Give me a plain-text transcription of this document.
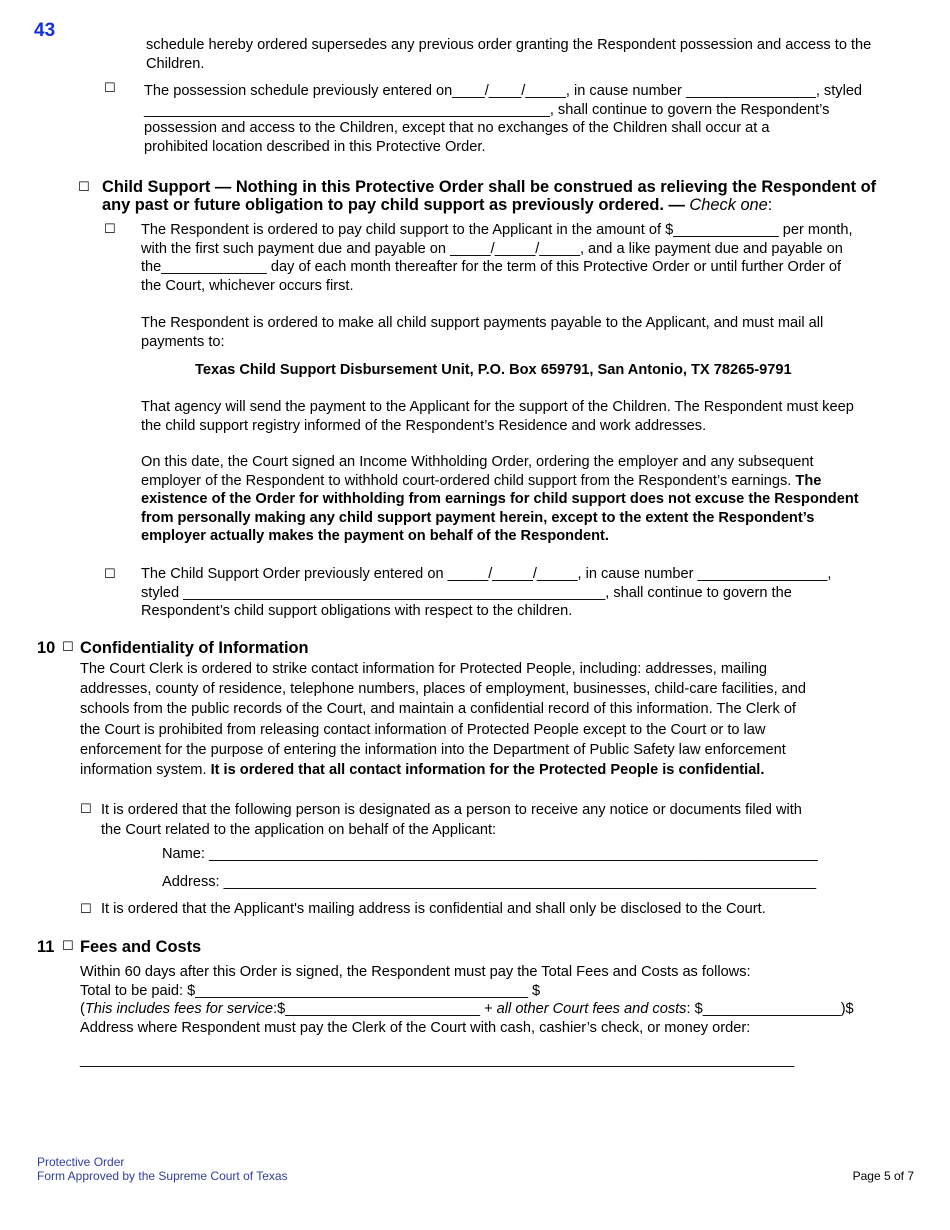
43
schedule hereby ordered supersedes any previous order granting the Respondent possession and access to the Children.
☐ The possession schedule previously entered on____/____/_____, in cause number ________________, styled
__________________________________________________, shall continue to govern the Respondent’s
possession and access to the Children, except that no exchanges of the Children shall occur at a
prohibited location described in this Protective Order.
☐ Child Support — Nothing in this Protective Order shall be construed as relieving the Respondent of
any past or future obligation to pay child support as previously ordered. — Check one:
☐ The Respondent is ordered to pay child support to the Applicant in the amount of $_____________ per month,
with the first such payment due and payable on _____/_____/_____, and a like payment due and payable on
the_____________ day of each month thereafter for the term of this Protective Order or until further Order of
the Court, whichever occurs first.
The Respondent is ordered to make all child support payments payable to the Applicant, and must mail all
payments to:
Texas Child Support Disbursement Unit, P.O. Box 659791, San Antonio, TX 78265-9791
That agency will send the payment to the Applicant for the support of the Children. The Respondent must keep
the child support registry informed of the Respondent’s Residence and work addresses.
On this date, the Court signed an Income Withholding Order, ordering the employer and any subsequent
employer of the Respondent to withhold court-ordered child support from the Respondent’s earnings. The
existence of the Order for withholding from earnings for child support does not excuse the Respondent
from personally making any child support payment herein, except to the extent the Respondent’s
employer actually makes the payment on behalf of the Respondent.
☐ The Child Support Order previously entered on _____/_____/_____, in cause number ________________,
styled ____________________________________________________, shall continue to govern the
Respondent’s child support obligations with respect to the children.
10 ☐ Confidentiality of Information
The Court Clerk is ordered to strike contact information for Protected People, including: addresses, mailing
addresses, county of residence, telephone numbers, places of employment, businesses, child-care facilities, and
schools from the public records of the Court, and maintain a confidential record of this information. The Clerk of
the Court is prohibited from releasing contact information of Protected People except to the Court or to law
enforcement for the purpose of entering the information into the Department of Public Safety law enforcement
information system. It is ordered that all contact information for the Protected People is confidential.
☐ It is ordered that the following person is designated as a person to receive any notice or documents filed with
the Court related to the application on behalf of the Applicant:
Name: ___________________________________________________________________________
Address: _________________________________________________________________________
☐ It is ordered that the Applicant's mailing address is confidential and shall only be disclosed to the Court.
11 ☐ Fees and Costs
Within 60 days after this Order is signed, the Respondent must pay the Total Fees and Costs as follows:
Total to be paid: $_________________________________________ $
(This includes fees for service:$________________________ + all other Court fees and costs: $_________________)$
Address where Respondent must pay the Clerk of the Court with cash, cashier’s check, or money order:
________________________________________________________________________________________
Protective Order
Form Approved by the Supreme Court of Texas	Page 5 of 7
